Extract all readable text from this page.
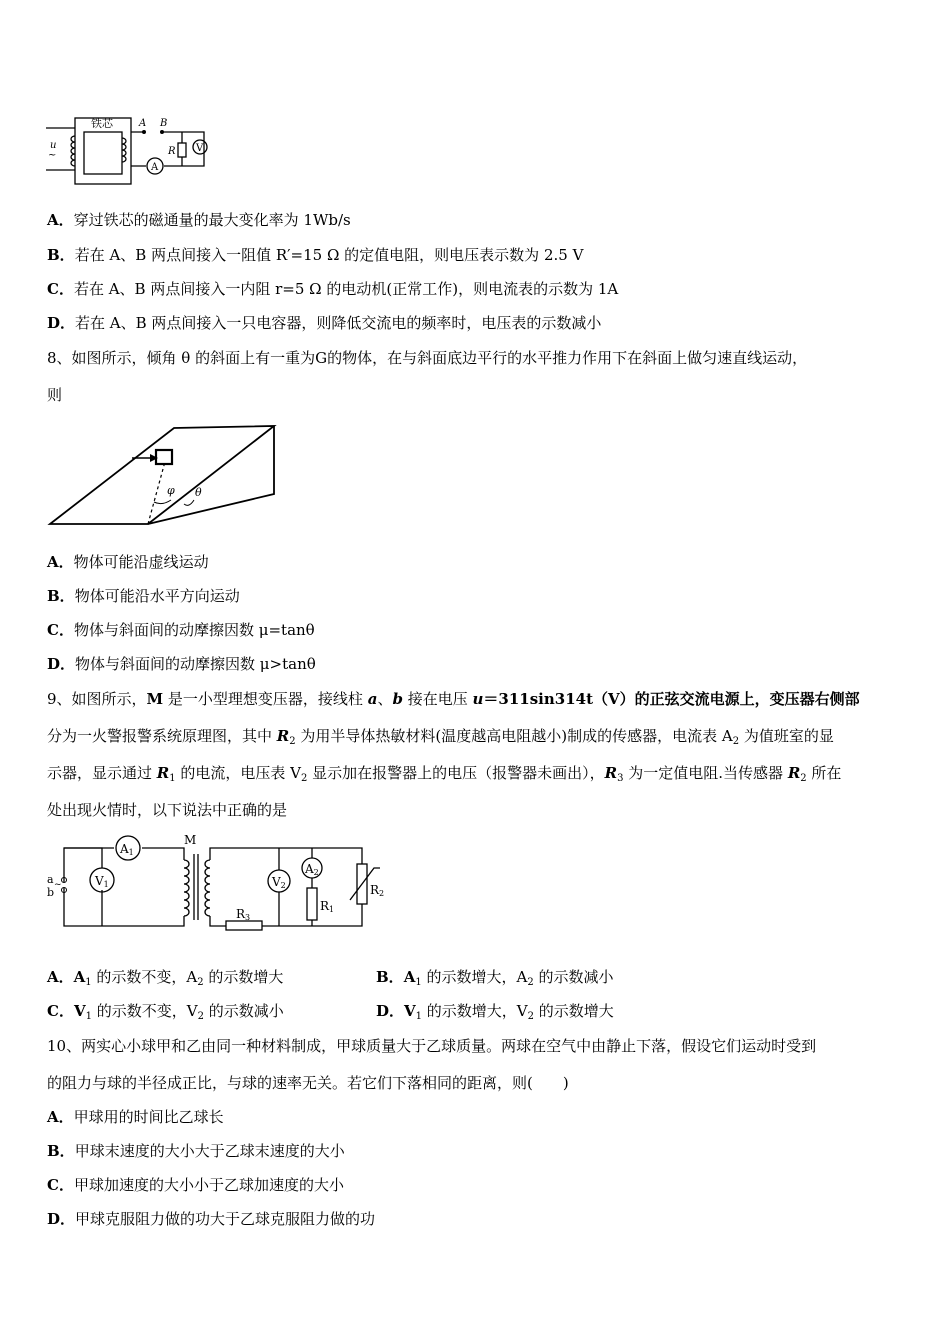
铁芯	A B
R V
A
u
~
A．穿过铁芯的磁通量的最大变化率为 1Wb/s
B．若在 A、B 两点间接入一阻值 R′=15 Ω 的定值电阻，则电压表示数为 2.5 V
C．若在 A、B 两点间接入一内阻 r=5 Ω 的电动机(正常工作)，则电流表的示数为 1A
D．若在 A、B 两点间接入一只电容器，则降低交流电的频率时，电压表的示数减小
8、如图所示，倾角 θ 的斜面上有一重为G的物体，在与斜面底边平行的水平推力作用下在斜面上做匀速直线运动，
则
φ θ
A．物体可能沿虚线运动
B．物体可能沿水平方向运动
C．物体与斜面间的动摩擦因数 μ=tanθ
D．物体与斜面间的动摩擦因数 μ>tanθ
9、如图所示，M 是一小型理想变压器，接线柱 a、b 接在电压 u＝311sin314t（V）的正弦交流电源上，变压器右侧部
分为一火警报警系统原理图，其中 $R_2$ 为用半导体热敏材料(温度越高电阻越小)制成的传感器，电流表 $A_2$ 为值班室的显
示器，显示通过 $R_1$ 的电流，电压表 $V_2$ 显示加在报警器上的电压（报警器未画出），$R_3$ 为一定值电阻.当传感器 $R_2$ 所在
处出现火情时，以下说法中正确的是
a
b
~
A1
V1
M
V2
A2
R1
R2
R3
A．$A_1$ 的示数不变，$A_2$ 的示数增大	B．$A_1$ 的示数增大，$A_2$ 的示数减小
C．$V_1$ 的示数不变，$V_2$ 的示数减小	D．$V_1$ 的示数增大，$V_2$ 的示数增大
10、两实心小球甲和乙由同一种材料制成，甲球质量大于乙球质量。两球在空气中由静止下落，假设它们运动时受到
的阻力与球的半径成正比，与球的速率无关。若它们下落相同的距离，则(　　)
A．甲球用的时间比乙球长
B．甲球末速度的大小大于乙球末速度的大小
C．甲球加速度的大小小于乙球加速度的大小
D．甲球克服阻力做的功大于乙球克服阻力做的功
